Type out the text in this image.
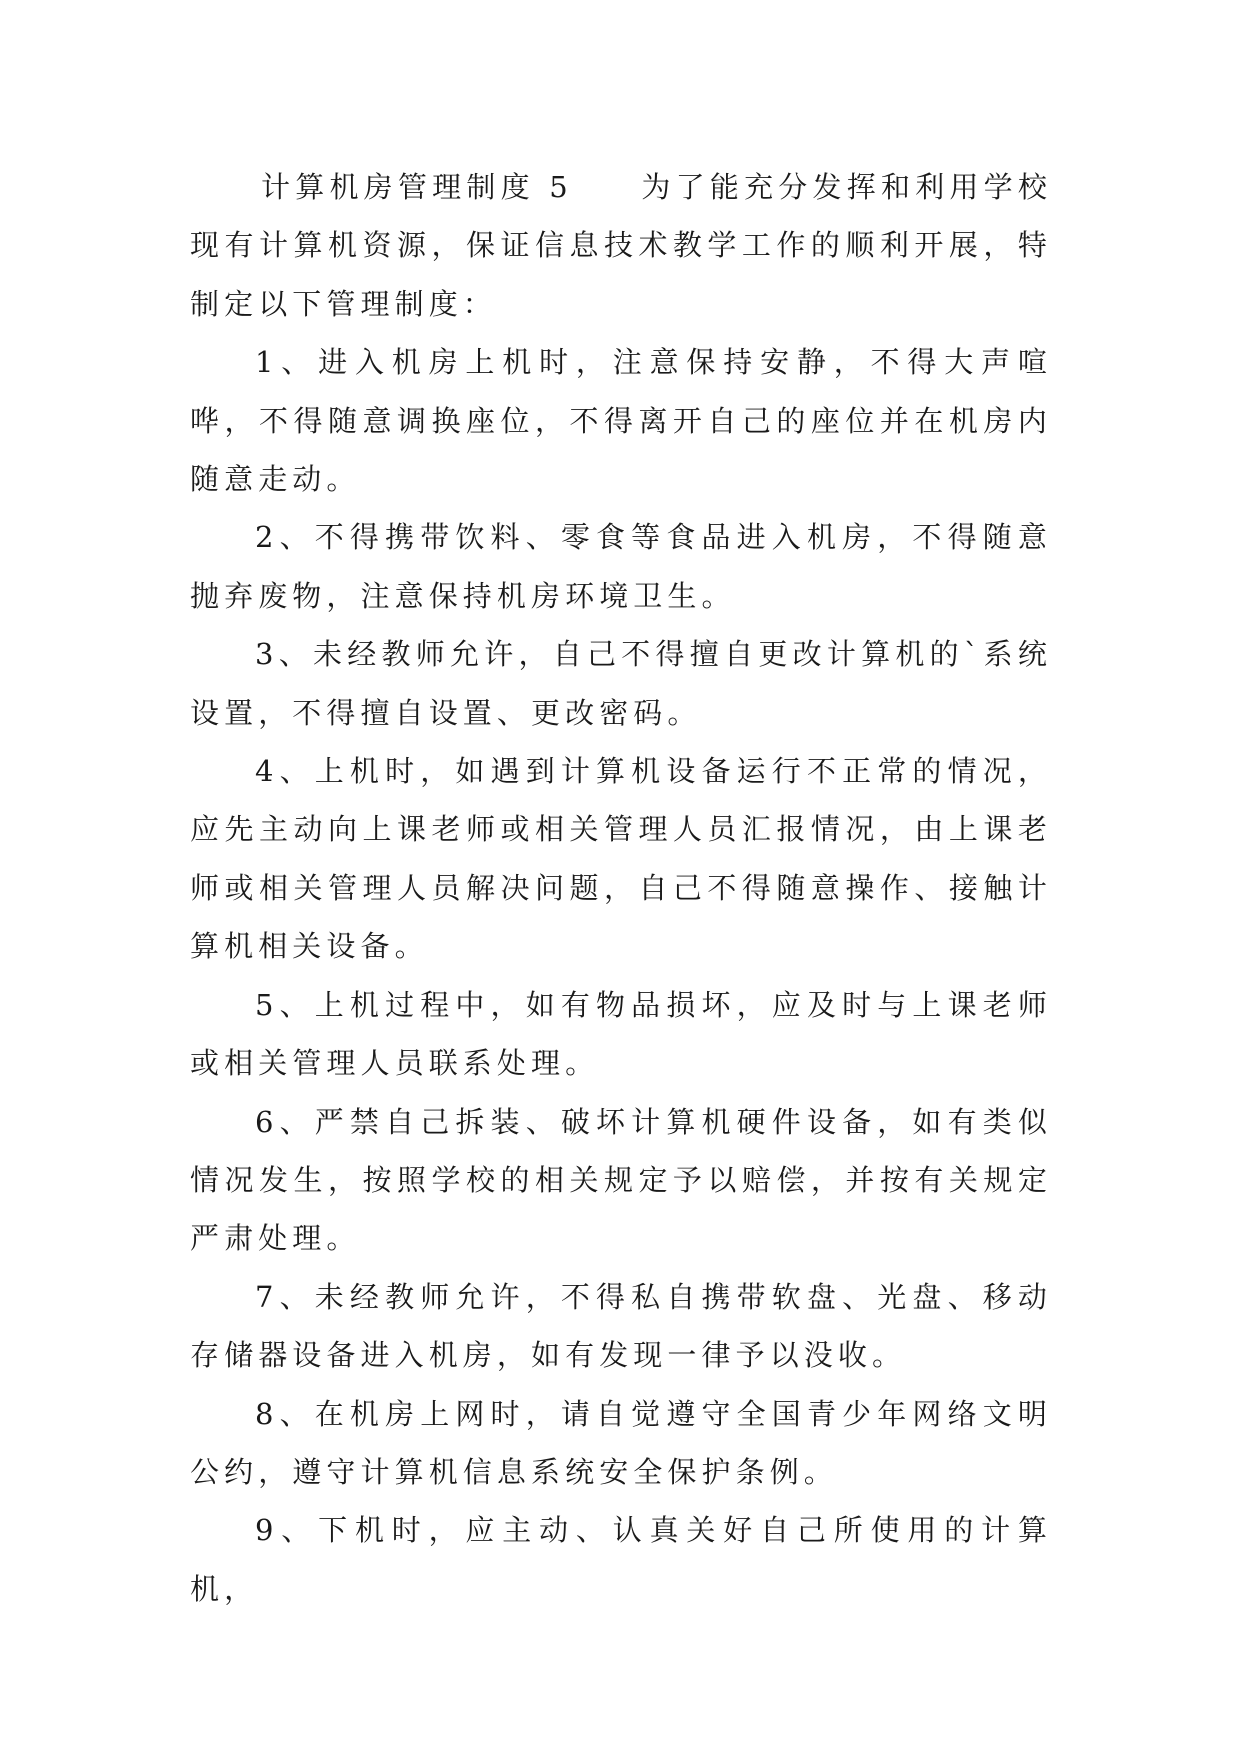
计算机房管理制度 5　　为了能充分发挥和利用学校现有计算机资源，保证信息技术教学工作的顺利开展，特制定以下管理制度：

1、进入机房上机时，注意保持安静，不得大声喧哗，不得随意调换座位，不得离开自己的座位并在机房内随意走动。

2、不得携带饮料、零食等食品进入机房，不得随意抛弃废物，注意保持机房环境卫生。

3、未经教师允许，自己不得擅自更改计算机的`系统设置，不得擅自设置、更改密码。

4、上机时，如遇到计算机设备运行不正常的情况，应先主动向上课老师或相关管理人员汇报情况，由上课老师或相关管理人员解决问题，自己不得随意操作、接触计算机相关设备。

5、上机过程中，如有物品损坏，应及时与上课老师或相关管理人员联系处理。

6、严禁自己拆装、破坏计算机硬件设备，如有类似情况发生，按照学校的相关规定予以赔偿，并按有关规定严肃处理。

7、未经教师允许，不得私自携带软盘、光盘、移动存储器设备进入机房，如有发现一律予以没收。

8、在机房上网时，请自觉遵守全国青少年网络文明公约，遵守计算机信息系统安全保护条例。

9、下机时，应主动、认真关好自己所使用的计算机，
